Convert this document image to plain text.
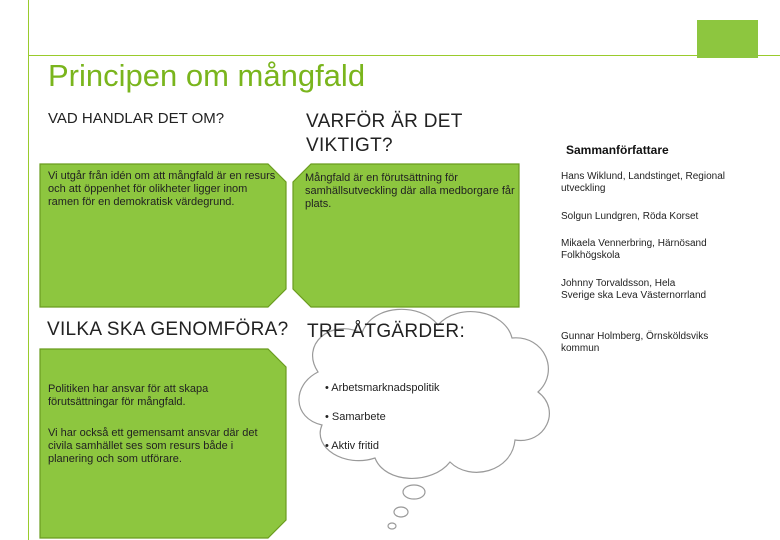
Principen om mångfald
VAD HANDLAR DET OM?	VARFÖR ÄR DET VIKTIGT?
Vi utgår från idén om att mångfald är en resurs och att öppenhet för olikheter ligger inom ramen för en demokratisk värdegrund.
Mångfald är en förutsättning för samhällsutveckling där alla medborgare får plats.
VILKA SKA GENOMFÖRA? TRE ÅTGÄRDER:
Politiken har ansvar för att skapa förutsättningar för mångfald.
Vi har också ett gemensamt ansvar där det civila samhället ses som resurs både i planering och som utförare.
• Arbetsmarknadspolitik
• Samarbete
• Aktiv fritid
Sammanförfattare
Hans Wiklund, Landstinget, Regional utveckling
Solgun Lundgren, Röda Korset
Mikaela Vennerbring, Härnösand Folkhögskola
Johnny Torvaldsson, Hela Sverige ska Leva Västernorrland
Gunnar Holmberg, Örnsköldsviks kommun
